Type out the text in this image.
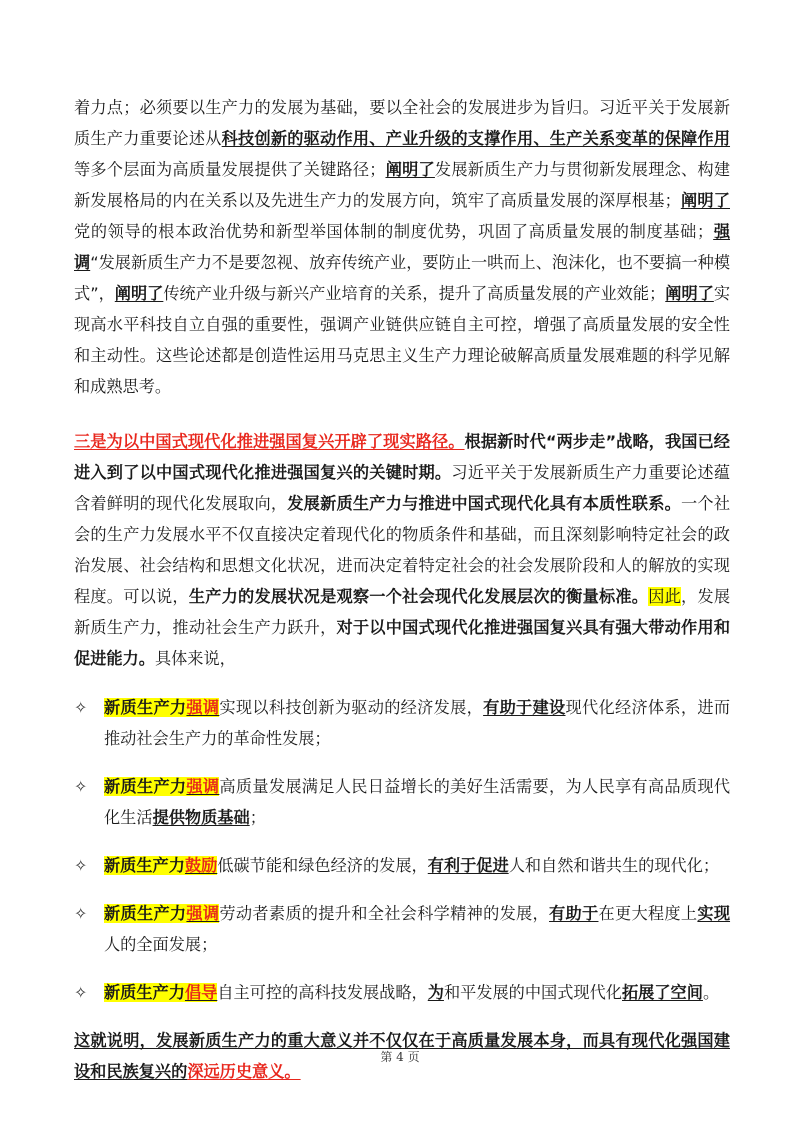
着力点；必须要以生产力的发展为基础，要以全社会的发展进步为旨归。习近平关于发展新质生产力重要论述从科技创新的驱动作用、产业升级的支撑作用、生产关系变革的保障作用等多个层面为高质量发展提供了关键路径；阐明了发展新质生产力与贯彻新发展理念、构建新发展格局的内在关系以及先进生产力的发展方向，筑牢了高质量发展的深厚根基；阐明了党的领导的根本政治优势和新型举国体制的制度优势，巩固了高质量发展的制度基础；强调“发展新质生产力不是要忽视、放弃传统产业，要防止一哄而上、泡沫化，也不要搞一种模式”，阐明了传统产业升级与新兴产业培育的关系，提升了高质量发展的产业效能；阐明了实现高水平科技自立自强的重要性，强调产业链供应链自主可控，增强了高质量发展的安全性和主动性。这些论述都是创造性运用马克思主义生产力理论破解高质量发展难题的科学见解和成熟思考。

三是为以中国式现代化推进强国复兴开辟了现实路径。根据新时代“两步走”战略，我国已经进入到了以中国式现代化推进强国复兴的关键时期。习近平关于发展新质生产力重要论述蕴含着鲜明的现代化发展取向，发展新质生产力与推进中国式现代化具有本质性联系。一个社会的生产力发展水平不仅直接决定着现代化的物质条件和基础，而且深刻影响特定社会的政治发展、社会结构和思想文化状况，进而决定着特定社会的社会发展阶段和人的解放的实现程度。可以说，生产力的发展状况是观察一个社会现代化发展层次的衡量标准。因此，发展新质生产力，推动社会生产力跃升，对于以中国式现代化推进强国复兴具有强大带动作用和促进能力。具体来说，

✧	新质生产力强调实现以科技创新为驱动的经济发展，有助于建设现代化经济体系，进而推动社会生产力的革命性发展；

✧	新质生产力强调高质量发展满足人民日益增长的美好生活需要，为人民享有高品质现代化生活提供物质基础；

✧	新质生产力鼓励低碳节能和绿色经济的发展，有利于促进人和自然和谐共生的现代化；

✧	新质生产力强调劳动者素质的提升和全社会科学精神的发展，有助于在更大程度上实现人的全面发展；

✧	新质生产力倡导自主可控的高科技发展战略，为和平发展的中国式现代化拓展了空间。

这就说明，发展新质生产力的重大意义并不仅仅在于高质量发展本身，而具有现代化强国建设和民族复兴的深远历史意义。

第 4 页
